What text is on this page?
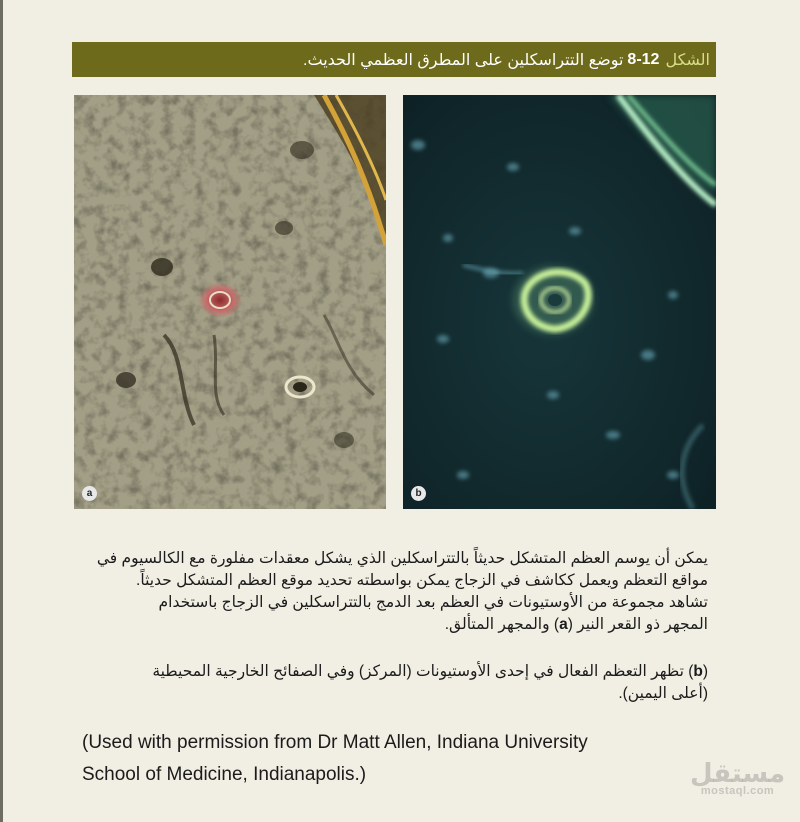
الشكل
8-12
توضع التتراسكلين على المطرق العظمي الحديث.
a	b
يمكن أن يوسم العظم المتشكل حديثاً بالتتراسكلين الذي يشكل معقدات مفلورة مع الكالسيوم في
مواقع التعظم ويعمل ككاشف في الزجاج يمكن بواسطته تحديد موقع العظم المتشكل حديثاً.
تشاهد مجموعة من الأوستيونات في العظم بعد الدمج بالتتراسكلين في الزجاج باستخدام
المجهر ذو القعر النير (a) والمجهر المتألق.
(b) تظهر التعظم الفعال في إحدى الأوستيونات (المركز) وفي الصفائح الخارجية المحيطية
(أعلى اليمين).
(Used with permission from Dr Matt Allen, Indiana University
School of Medicine, Indianapolis.)	مستقل
mostaql.com
